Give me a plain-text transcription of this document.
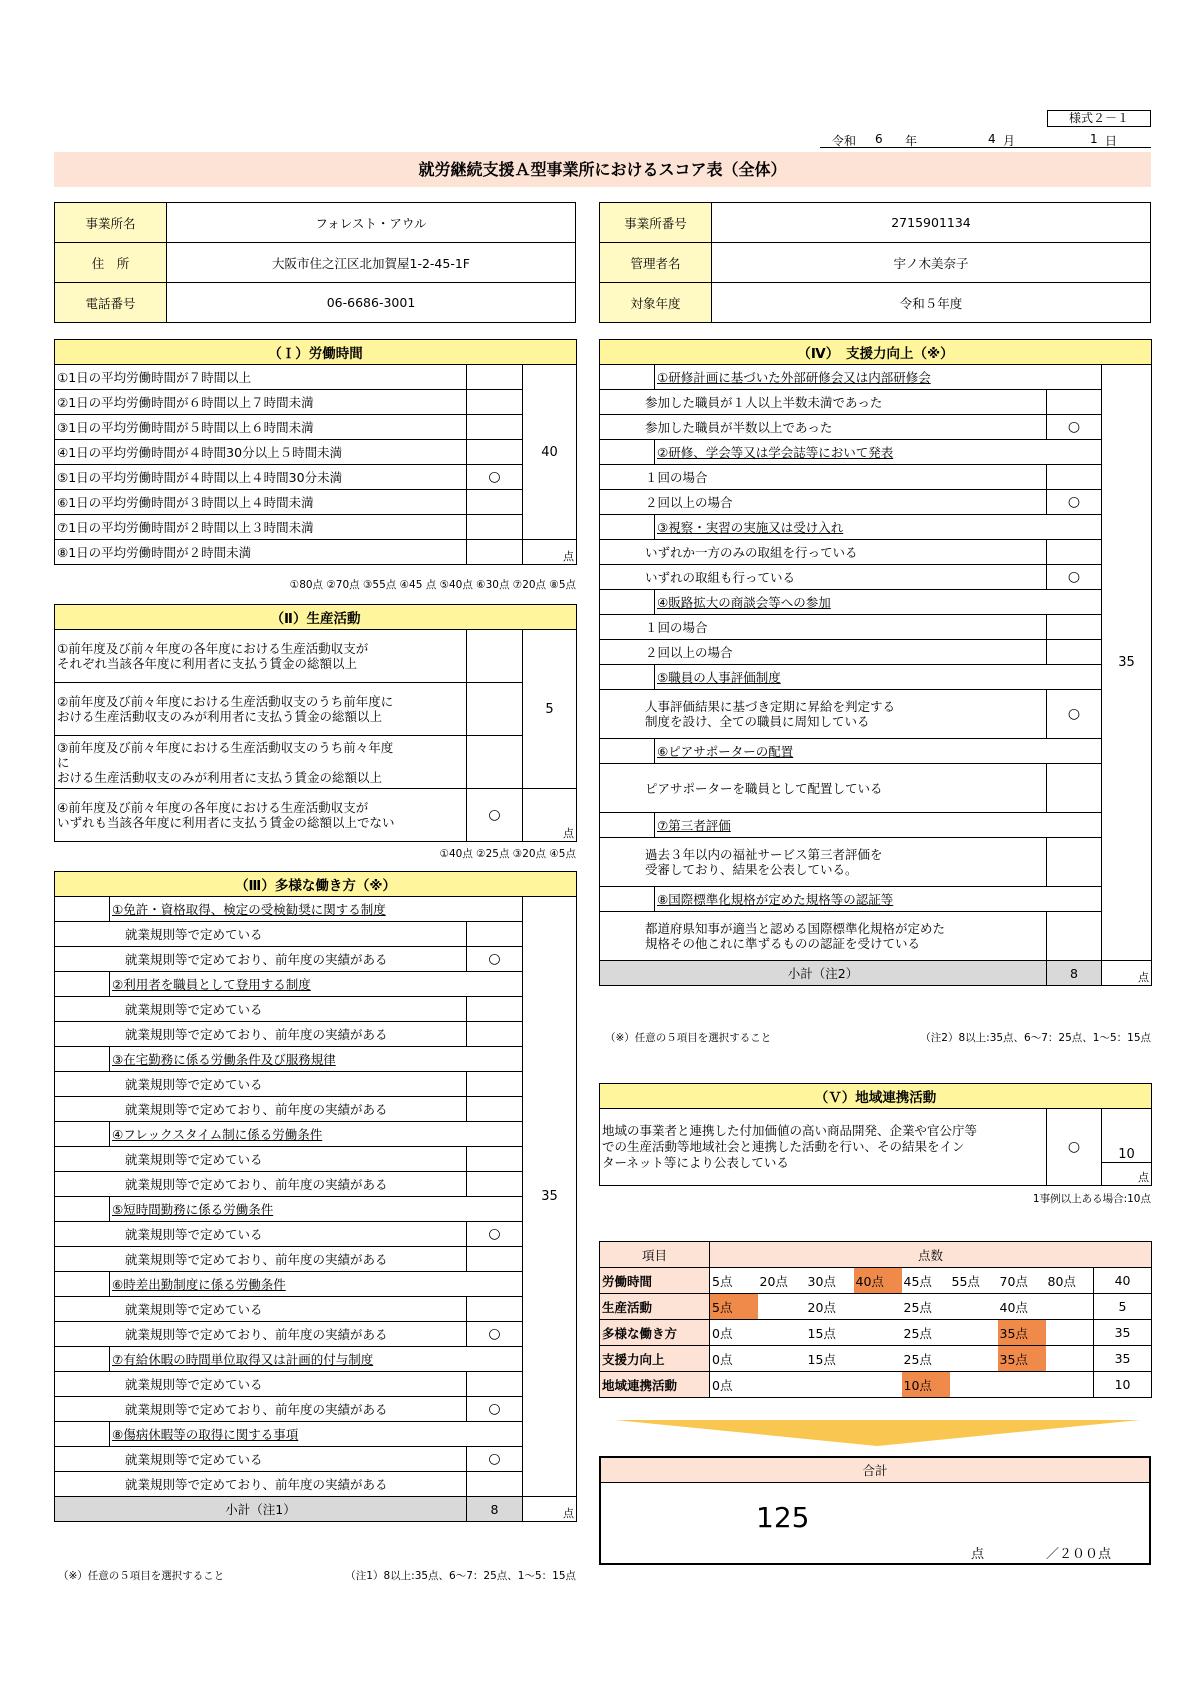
様式２－１
令和 6 年	4 月	1 日
就労継続支援Ａ型事業所におけるスコア表（全体）
事業所名	フォレスト・アウル
住　所	大阪市住之江区北加賀屋1-2-45-1F
電話番号	06-6686-3001
事業所番号	2715901134
管理者名	宇ノ木美奈子
対象年度	令和５年度
（Ｉ）労働時間		
①1日の平均労働時間が７時間以上		40
②1日の平均労働時間が６時間以上７時間未満		
③1日の平均労働時間が５時間以上６時間未満		
④1日の平均労働時間が４時間30分以上５時間未満		
⑤1日の平均労働時間が４時間以上４時間30分未満	○	
⑥1日の平均労働時間が３時間以上４時間未満		
⑦1日の平均労働時間が２時間以上３時間未満		
⑧1日の平均労働時間が２時間未満		点
①80点 ②70点 ③55点 ④45 点 ⑤40点 ⑥30点 ⑦20点 ⑧5点
（Ⅱ）生産活動		
①前年度及び前々年度の各年度における生産活動収支が
それぞれ当該各年度に利用者に支払う賃金の総額以上		5
②前年度及び前々年度における生産活動収支のうち前年度に
おける生産活動収支のみが利用者に支払う賃金の総額以上		
③前年度及び前々年度における生産活動収支のうち前々年度
に
おける生産活動収支のみが利用者に支払う賃金の総額以上		
④前年度及び前々年度の各年度における生産活動収支が
いずれも当該各年度に利用者に支払う賃金の総額以上でない	○	点
①40点 ②25点 ③20点 ④5点
（Ⅲ）多様な働き方（※）			
	①免許・資格取得、検定の受検勧奨に関する制度		35
就業規則等で定めている			
就業規則等で定めており、前年度の実績がある		○	
	②利用者を職員として登用する制度		
就業規則等で定めている			
就業規則等で定めており、前年度の実績がある			
	③在宅勤務に係る労働条件及び服務規律		
就業規則等で定めている			
就業規則等で定めており、前年度の実績がある			
	④フレックスタイム制に係る労働条件		
就業規則等で定めている			
就業規則等で定めており、前年度の実績がある			
	⑤短時間勤務に係る労働条件		
就業規則等で定めている		○	
就業規則等で定めており、前年度の実績がある			
	⑥時差出勤制度に係る労働条件		
就業規則等で定めている			
就業規則等で定めており、前年度の実績がある		○	
	⑦有給休暇の時間単位取得又は計画的付与制度		
就業規則等で定めている			
就業規則等で定めており、前年度の実績がある		○	
	⑧傷病休暇等の取得に関する事項		
就業規則等で定めている		○	
就業規則等で定めており、前年度の実績がある			
小計（注1）		8	点
（※）任意の５項目を選択すること	（注1）8以上:35点、6〜7：25点、1〜5：15点
（Ⅳ）　支援力向上（※）			
	①研修計画に基づいた外部研修会又は内部研修会		35
参加した職員が１人以上半数未満であった			
参加した職員が半数以上であった		○	
	②研修、学会等又は学会誌等において発表		
１回の場合			
２回以上の場合		○	
	③視察・実習の実施又は受け入れ		
いずれか一方のみの取組を行っている			
いずれの取組も行っている		○	
	④販路拡大の商談会等への参加		
１回の場合			
２回以上の場合			
	⑤職員の人事評価制度		
人事評価結果に基づき定期に昇給を判定する
制度を設け、全ての職員に周知している		○	
	⑥ピアサポーターの配置		
ピアサポーターを職員として配置している			
	⑦第三者評価		
過去３年以内の福祉サービス第三者評価を
受審しており、結果を公表している。			
	⑧国際標準化規格が定めた規格等の認証等		
都道府県知事が適当と認める国際標準化規格が定めた
規格その他これに準ずるものの認証を受けている			
小計（注2）		8	点
（※）任意の５項目を選択すること	（注2）8以上:35点、6〜7：25点、1〜5：15点
（Ｖ）地域連携活動
地域の事業者と連携した付加価値の高い商品開発、企業や官公庁等
での生産活動等地域社会と連携した活動を行い、その結果をイン
ターネット等により公表している	○	10
点
1事例以上ある場合:10点
項目	点数								
労働時間	5点	20点	30点	40点	45点	55点	70点	80点	40
生産活動	5点		20点		25点		40点		5
多様な働き方	0点		15点		25点		35点		35
支援力向上	0点		15点		25点		35点		35
地域連携活動	0点				10点				10
合計

125
点	／２００点
